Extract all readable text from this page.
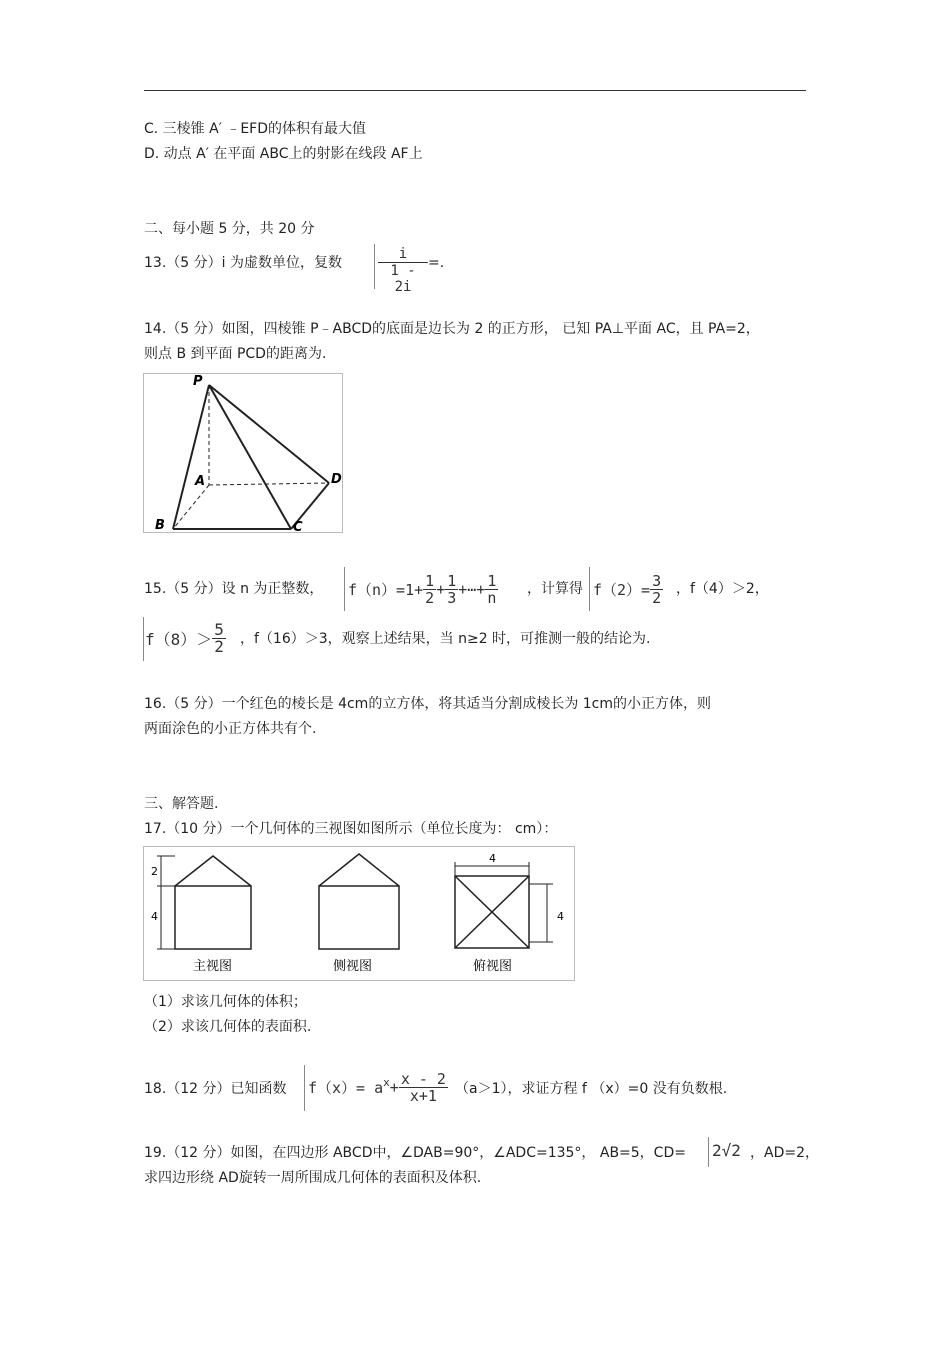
C. 三棱锥 A′ ﹣EFD的体积有最大值
D. 动点 A′ 在平面 ABC上的射影在线段 AF上
二、每小题 5 分，共 20 分
13.（5 分）i 为虚数单位，复数	$\frac{i}{1 - 2i}$ =.
14.（5 分）如图，四棱锥 P﹣ABCD的底面是边长为 2 的正方形， 已知 PA⊥平面 AC，且 PA=2，
则点 B 到平面 PCD的距离为.
P
A
B	C
D
15.（5 分）设 n 为正整数， $f(n)=1+ \frac{1}{2} + \frac{1}{3}$ +⋯+ $\frac{1}{n}$ ，计算得 $f(2)= \frac{3}{2}$ ，f（4）＞2，
$f(8)> \frac{5}{2}$ ，f（16）＞3，观察上述结果，当 n≥2 时，可推测一般的结论为.
16.（5 分）一个红色的棱长是 4cm的立方体，将其适当分割成棱长为 1cm的小正方体，则
两面涂色的小正方体共有个.
三、解答题.
17.（10 分）一个几何体的三视图如图所示（单位长度为： cm）：
2
4
4
4
主视图	侧视图	俯视图
（1）求该几何体的体积；
（2）求该几何体的表面积.
18.（12 分）已知函数 $f(x)= a^x+ \frac{x - 2}{x+1} (a>1)$，求证方程 f （x）=0 没有负数根.
19.（12 分）如图，在四边形 ABCD中，∠DAB=90°，∠ADC=135°， AB=5，CD= 2√2 ，AD=2，
求四边形绕 AD旋转一周所围成几何体的表面积及体积.
